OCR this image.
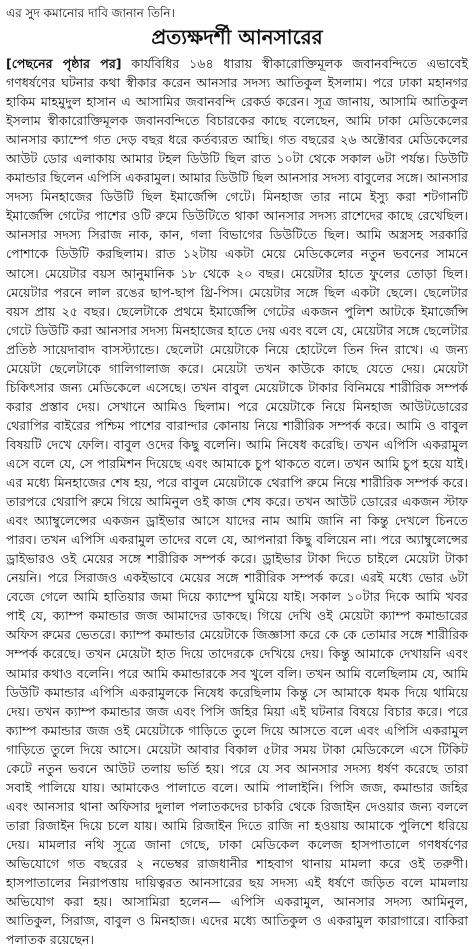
এর সুদ কমানোর দাবি জানান তিনি।
প্রত্যক্ষদর্শী আনসারের
[পেছনের পৃষ্ঠার পর] কার্যবিধির ১৬৪ ধারায় স্বীকারোক্তিমূলক জবানবন্দিতে এভাবেই গণধর্ষণের ঘটনার কথা স্বীকার করেন আনসার সদস্য আতিকুল ইসলাম। পরে ঢাকা মহানগর হাকিম মাহমুদুল হাসান এ আসামির জবানবন্দি রেকর্ড করেন। সূত্র জানায়, আসামি আতিকুল ইসলাম স্বীকারোক্তিমূলক জবানবন্দিতে বিচারকের কাছে বলেছেন, আমি ঢাকা মেডিকেলের আনসার ক্যাম্পে গত দেড় বছর ধরে কর্তব্যরত আছি। গত বছরের ২৬ অক্টোবর মেডিকেলের আউট ডোর এলাকায় আমার টহল ডিউটি ছিল রাত ১০টা থেকে সকাল ৬টা পর্যন্ত। ডিউটি কমান্ডার ছিলেন এপিসি একরামুল। আমার ডিউটি ছিল আনসার সদস্য বাবুলের সঙ্গে। আনসার সদস্য মিনহাজের ডিউটি ছিল ইমার্জেন্সি গেটে। মিনহাজ তার নামে ইস্যু করা শটগানটি ইমার্জেন্সি গেটের পাশের ওটি রুমে ডিউটিতে থাকা আনসার সদস্য রাশেদের কাছে রেখেছিল। আনসার সদস্য সিরাজ নাক, কান, গলা বিভাগের ডিউটিতে ছিল। আমি অস্ত্রসহ সরকারি পোশাকে ডিউটি করছিলাম। রাত ১২টায় একটা মেয়ে মেডিকেলের নতুন ভবনের সামনে আসে। মেয়েটার বয়স আনুমানিক ১৮ থেকে ২০ বছর। মেয়েটার হাতে ফুলের তোড়া ছিল। মেয়েটার পরনে লাল রঙের ছাপ-ছাপ থ্রি-পিস। মেয়েটার সঙ্গে ছিল একটা ছেলে। ছেলেটার বয়স প্রায় ২৫ বছর। ছেলেটাকে প্রথমে ইমার্জেন্সি গেটের একজন পুলিশ আটকে ইমার্জেন্সি গেটে ডিউটি করা আনসার সদস্য মিনহাজের হাতে দেয় এবং বলে যে, মেয়েটার সঙ্গে ছেলেটার প্রতিষ্ঠ সায়েদাবাদ বাসস্ট্যান্ডে। ছেলেটা মেয়েটাকে নিয়ে হোটেলে তিন দিন রাখে। এ জন্য মেয়েটা ছেলেটাকে গালিগালাজ করে। মেয়েটা তখন কাউকে কাছে যেতে দেয়। মেয়েটা চিকিৎসার জন্য মেডিকেলে এসেছে। তখন বাবুল মেয়েটাকে টাকার বিনিময়ে শারীরিক সম্পর্ক করার প্রস্তাব দেয়। সেখানে আমিও ছিলাম। পরে মেয়েটাকে নিয়ে মিনহাজ আউটডোরের থেরাপির বাইরের পশ্চিম পাশের বারান্দার কোনায় নিয়ে শারীরিক সম্পর্ক করে। আমি ও বাবুল বিষয়টি দেখে ফেলি। বাবুল ওদের কিছু বলেনি। আমি নিষেধ করেছি। তখন এপিসি একরামুল এসে বলে যে, সে পারমিশন দিয়েছে এবং আমাকে চুপ থাকতে বলে। তখন আমি চুপ হয়ে যাই। এর মধ্যে মিনহাজের শেষ হয়, পরে বাবুল মেয়েটাকে থেরাপি রুমে নিয়ে শারীরিক সম্পর্ক করে। তারপরে থেরাপি রুমে গিয়ে আমিনুল ওই কাজ শেষ করে। তখন আউট ডোরের একজন স্টাফ এবং অ্যাম্বুলেন্সের একজন ড্রাইভার আসে যাদের নাম আমি জানি না কিন্তু দেখলে চিনতে পারব। তখন এপিসি একরামুল তাদের বলে যে, আপনারা কিছু বলিয়েন না। পরে অ্যাম্বুলেন্সের ড্রাইভারও ওই মেয়ের সঙ্গে শারীরিক সম্পর্ক করে। ড্রাইভার টাকা দিতে চাইলে মেয়েটা টাকা নেয়নি। পরে সিরাজও একইভাবে মেয়ের সঙ্গে শারীরিক সম্পর্ক করে। এরই মধ্যে ভোর ৬টা বেজে গেলে আমি হাতিয়ার জমা দিয়ে ক্যাম্পে ঘুমিয়ে যাই। সকাল ১০টার দিকে আমি খবর পাই যে, ক্যাম্প কমান্ডার জজ আমাদের ডাকছে। গিয়ে দেখি ওই মেয়েটা ক্যাম্প কমান্ডারের অফিস রুমের ভেতরে। ক্যাম্প কমান্ডার মেয়েটাকে জিজ্ঞাসা করে কে কে তোমার সঙ্গে শারীরিক সম্পর্ক করেছে। তখন মেয়েটা হাত দিয়ে তাদেরকে দেখিয়ে দেয়। কিন্তু আমাকে দেখায়নি এবং আমার কথাও বলেনি। পরে আমি কমান্ডারকে সব খুলে বলি। তখন আমি বলেছিলাম যে, আমি ডিউটি কমান্ডার এপিসি একরামুলকে নিষেধ করেছিলাম কিন্তু সে আমাকে ধমক দিয়ে থামিয়ে দেয়। তখন ক্যাম্প কমান্ডার জজ এবং পিসি জহির মিয়া এই ঘটনার বিষয়ে বিচার করে। পরে ক্যাম্প কমান্ডার জজ ওই মেয়েটাকে গাড়িতে তুলে দিয়ে আসতে বলে এবং এপিসি একরামুল গাড়িতে তুলে দিয়ে আসে। মেয়েটা আবার বিকাল ৫টার সময় টাকা মেডিকেলে এসে টিকিট কেটে নতুন ভবনে আউট তলায় ভর্তি হয়। পরে যে সব আনসার সদস্য ধর্ষণ করেছে তারা সবাই পালিয়ে যায়। আমাকেও পালাতে বলে। আমি পালাইনি। পিসি জজ, কমান্ডার জহির এবং আনসার থানা অফিসার দুলাল পলাতকদের চাকরি থেকে রিজাইন দেওয়ার জন্য বললে তারা রিজাইন দিয়ে চলে যায়। আমি রিজাইন দিতে রাজি না হওয়ায় আমাকে পুলিশে ধরিয়ে দেয়। মামলার নথি সূত্রে জানা গেছে, ঢাকা মেডিকেল কলেজ হাসপাতালে গণধর্ষণের অভিযোগে গত বছরের ২ নভেম্বর রাজধানীর শাহবাগ থানায় মামলা করে ওই তরুণী। হাসপাতালের নিরাপত্তায় দায়িত্বরত আনসারের ছয় সদস্য এই ধর্ষণে জড়িত বলে মামলায় অভিযোগ করা হয়। আসামিরা হলেন— এপিসি একরামুল, আনসার সদস্য আমিনুল, আতিকুল, সিরাজ, বাবুল ও মিনহাজ। এদের মধ্যে আতিকুল ও একরামুল কারাগারে। বাকিরা পলাতক রয়েছেন।
